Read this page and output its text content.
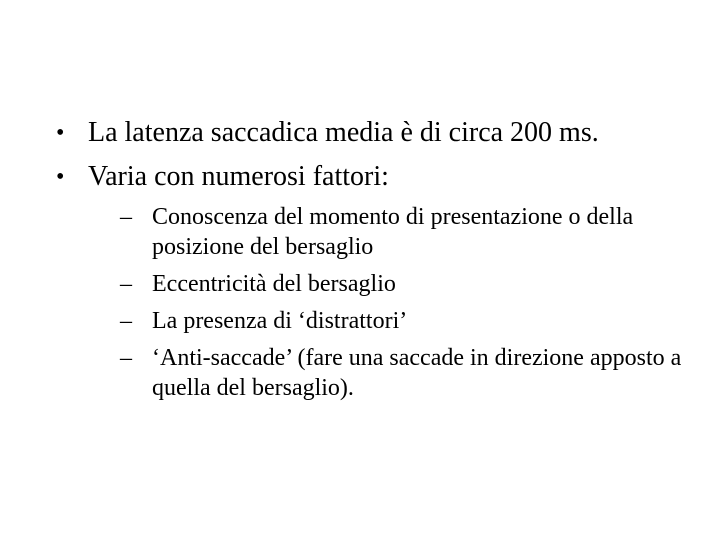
• La latenza saccadica media è di circa 200 ms.
• Varia con numerosi fattori:
– Conoscenza del momento di presentazione o della posizione del bersaglio
– Eccentricità del bersaglio
– La presenza di ‘distrattori’
– ‘Anti-saccade’ (fare una saccade in direzione apposto a quella del bersaglio).
